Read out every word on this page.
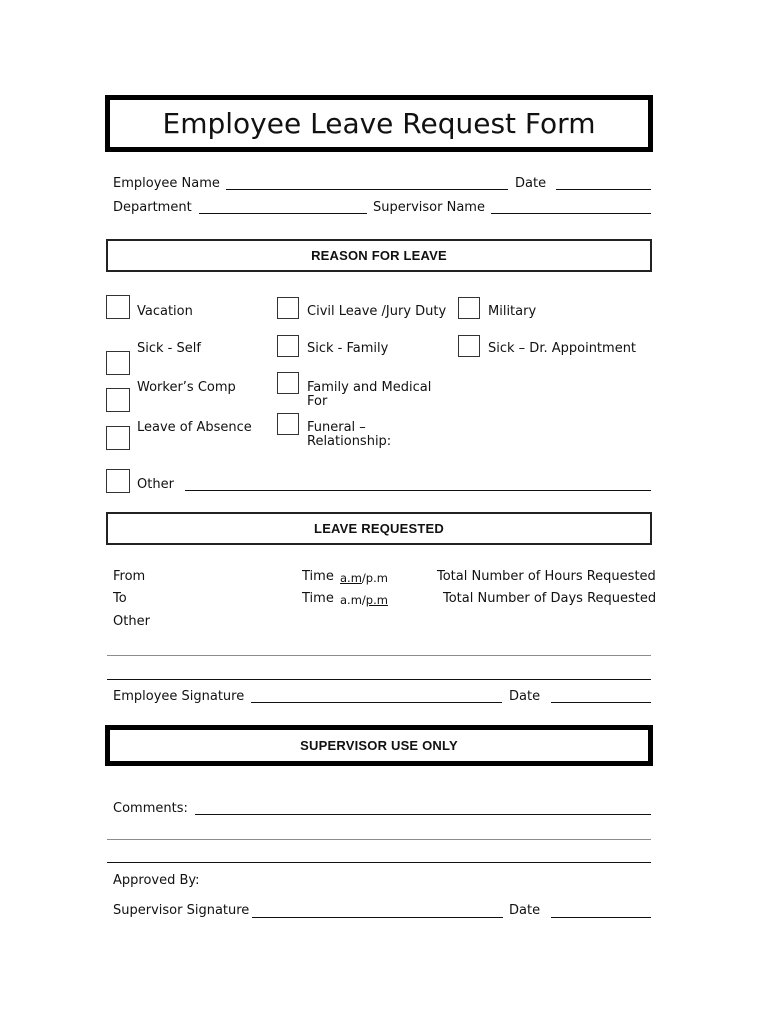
Employee Leave Request Form
Employee Name	Date
Department	Supervisor Name
REASON FOR LEAVE
Vacation
Sick - Self
Worker’s Comp
Leave of Absence
Civil Leave /Jury Duty
Sick - Family
Family and Medical
For
Funeral –
Relationship:
Military
Sick – Dr. Appointment
Other
LEAVE REQUESTED
From	Time a.m/p.m	Total Number of Hours Requested
To	Time a.m/p.m	Total Number of Days Requested
Other
Employee Signature	Date
SUPERVISOR USE ONLY
Comments:
Approved By:
Supervisor Signature	Date
